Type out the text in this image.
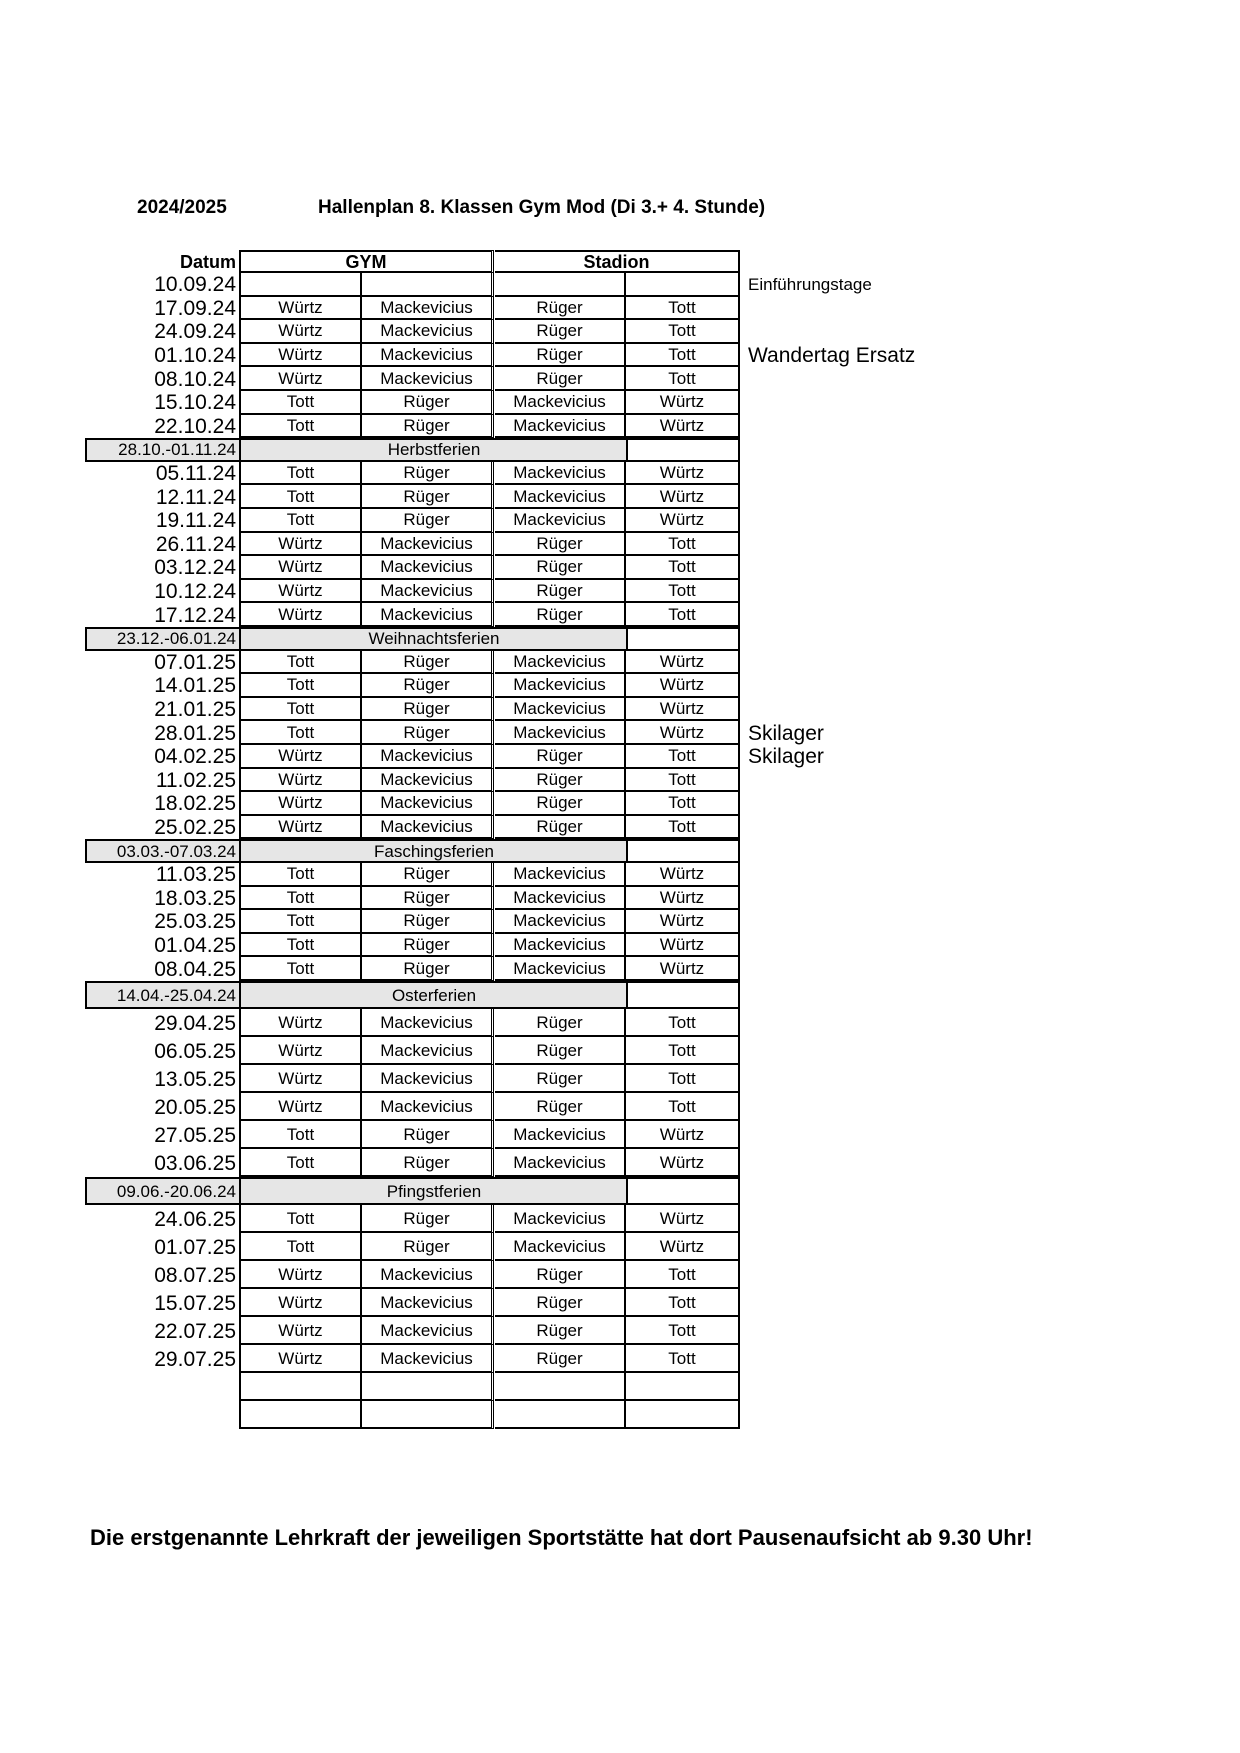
2024/2025	Hallenplan 8. Klassen Gym Mod (Di 3.+ 4. Stunde)
Datum	GYM	Stadion
10.09.24	Einführungstage
17.09.24	Würtz	Mackevicius	Rüger	Tott
24.09.24	Würtz	Mackevicius	Rüger	Tott
01.10.24	Würtz	Mackevicius	Rüger	Tott	Wandertag Ersatz
08.10.24	Würtz	Mackevicius	Rüger	Tott
15.10.24	Tott	Rüger	Mackevicius	Würtz
22.10.24	Tott	Rüger	Mackevicius	Würtz
28.10.-01.11.24	Herbstferien
05.11.24	Tott	Rüger	Mackevicius	Würtz
12.11.24	Tott	Rüger	Mackevicius	Würtz
19.11.24	Tott	Rüger	Mackevicius	Würtz
26.11.24	Würtz	Mackevicius	Rüger	Tott
03.12.24	Würtz	Mackevicius	Rüger	Tott
10.12.24	Würtz	Mackevicius	Rüger	Tott
17.12.24	Würtz	Mackevicius	Rüger	Tott
23.12.-06.01.24	Weihnachtsferien
07.01.25	Tott	Rüger	Mackevicius	Würtz
14.01.25	Tott	Rüger	Mackevicius	Würtz
21.01.25	Tott	Rüger	Mackevicius	Würtz
28.01.25	Tott	Rüger	Mackevicius	Würtz	Skilager
04.02.25	Würtz	Mackevicius	Rüger	Tott	Skilager
11.02.25	Würtz	Mackevicius	Rüger	Tott
18.02.25	Würtz	Mackevicius	Rüger	Tott
25.02.25	Würtz	Mackevicius	Rüger	Tott
03.03.-07.03.24	Faschingsferien
11.03.25	Tott	Rüger	Mackevicius	Würtz
18.03.25	Tott	Rüger	Mackevicius	Würtz
25.03.25	Tott	Rüger	Mackevicius	Würtz
01.04.25	Tott	Rüger	Mackevicius	Würtz
08.04.25	Tott	Rüger	Mackevicius	Würtz
14.04.-25.04.24	Osterferien
29.04.25	Würtz	Mackevicius	Rüger	Tott
06.05.25	Würtz	Mackevicius	Rüger	Tott
13.05.25	Würtz	Mackevicius	Rüger	Tott
20.05.25	Würtz	Mackevicius	Rüger	Tott
27.05.25	Tott	Rüger	Mackevicius	Würtz
03.06.25	Tott	Rüger	Mackevicius	Würtz
09.06.-20.06.24	Pfingstferien
24.06.25	Tott	Rüger	Mackevicius	Würtz
01.07.25	Tott	Rüger	Mackevicius	Würtz
08.07.25	Würtz	Mackevicius	Rüger	Tott
15.07.25	Würtz	Mackevicius	Rüger	Tott
22.07.25	Würtz	Mackevicius	Rüger	Tott
29.07.25	Würtz	Mackevicius	Rüger	Tott
Die erstgenannte Lehrkraft der jeweiligen Sportstätte hat dort Pausenaufsicht ab 9.30 Uhr!
